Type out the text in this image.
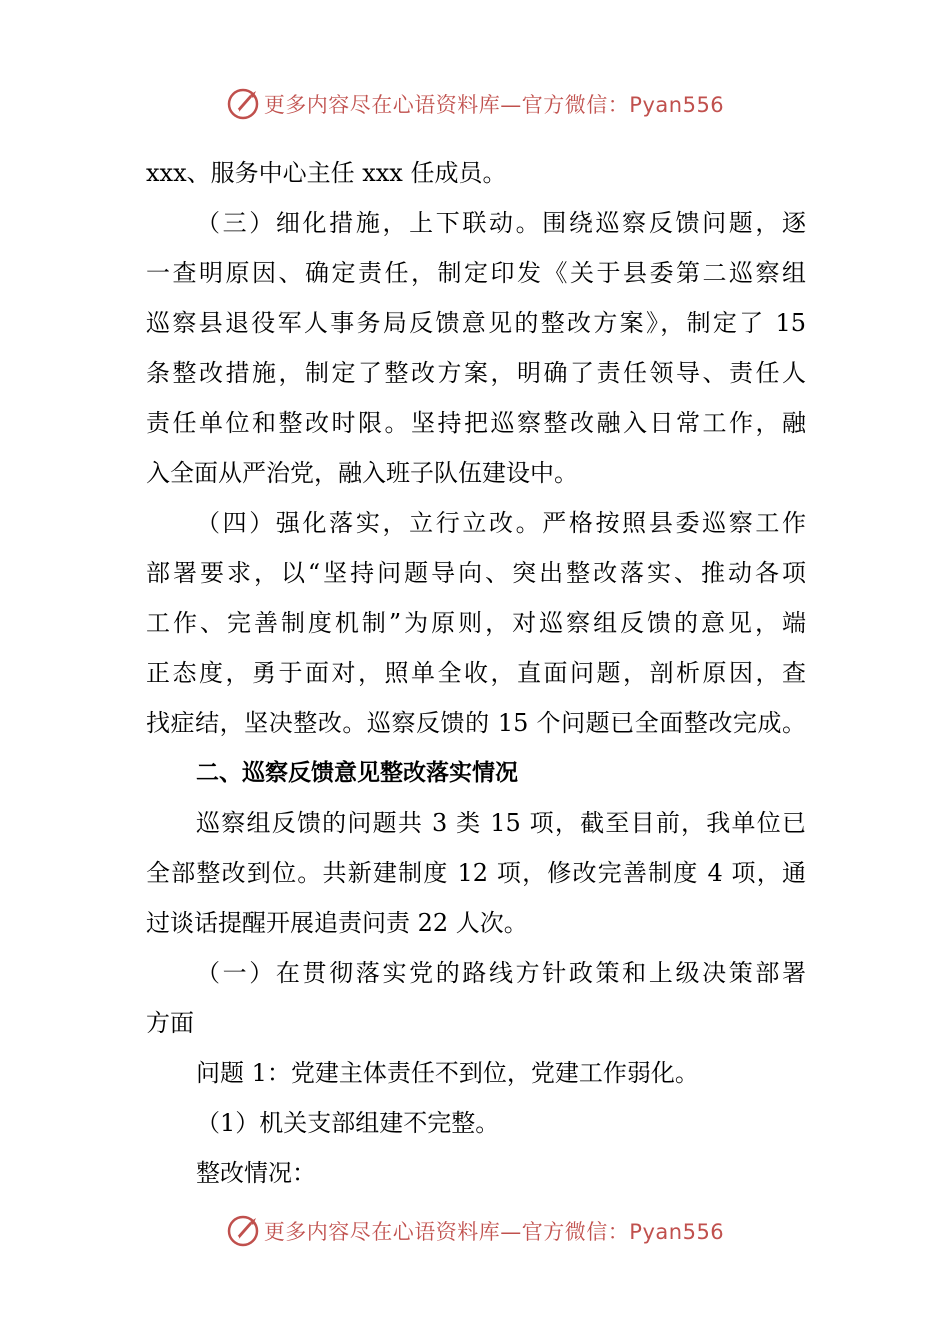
更多内容尽在心语资料库—官方微信：Pyan556
xxx、服务中心主任 xxx 任成员。
（三）细化措施，上下联动。围绕巡察反馈问题，逐
一查明原因、确定责任，制定印发《关于县委第二巡察组
巡察县退役军人事务局反馈意见的整改方案》，制定了 15
条整改措施，制定了整改方案，明确了责任领导、责任人
责任单位和整改时限。坚持把巡察整改融入日常工作，融
入全面从严治党，融入班子队伍建设中。
（四）强化落实，立行立改。严格按照县委巡察工作
部署要求，以“坚持问题导向、突出整改落实、推动各项
工作、完善制度机制”为原则，对巡察组反馈的意见，端
正态度，勇于面对，照单全收，直面问题，剖析原因，查
找症结，坚决整改。巡察反馈的 15 个问题已全面整改完成。
二、巡察反馈意见整改落实情况
巡察组反馈的问题共 3 类 15 项，截至目前，我单位已
全部整改到位。共新建制度 12 项，修改完善制度 4 项，通
过谈话提醒开展追责问责 22 人次。
（一）在贯彻落实党的路线方针政策和上级决策部署
方面
问题 1：党建主体责任不到位，党建工作弱化。
（1）机关支部组建不完整。
整改情况：
更多内容尽在心语资料库—官方微信：Pyan556
